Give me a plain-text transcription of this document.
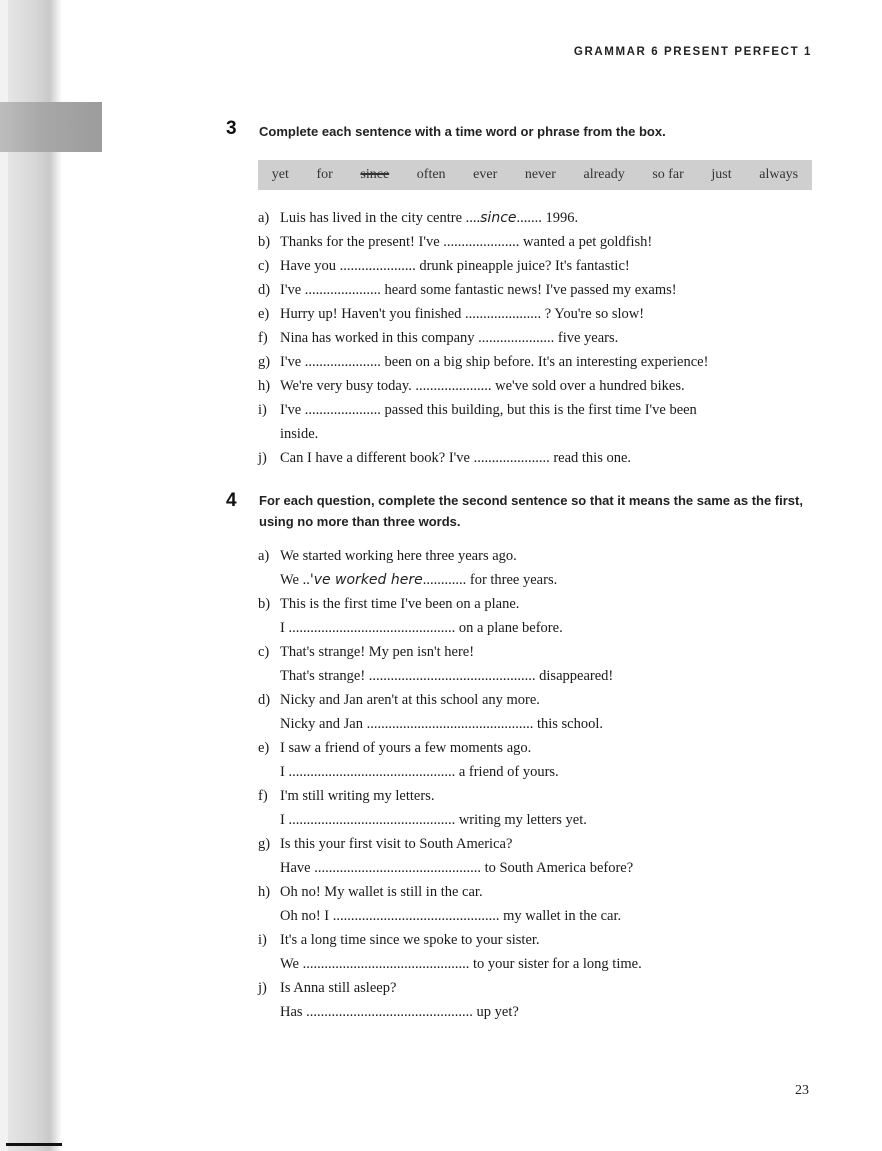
GRAMMAR 6 PRESENT PERFECT 1
3 Complete each sentence with a time word or phrase from the box.
yet for since often ever never already so far just always
a) Luis has lived in the city centre ....since....... 1996.
b) Thanks for the present! I've ..................... wanted a pet goldfish!
c) Have you ..................... drunk pineapple juice? It's fantastic!
d) I've ..................... heard some fantastic news! I've passed my exams!
e) Hurry up! Haven't you finished ..................... ? You're so slow!
f) Nina has worked in this company ..................... five years.
g) I've ..................... been on a big ship before. It's an interesting experience!
h) We're very busy today. ..................... we've sold over a hundred bikes.
i) I've ..................... passed this building, but this is the first time I've been
inside.
j) Can I have a different book? I've ..................... read this one.
4 For each question, complete the second sentence so that it means the same as the first, using no more than three words.
a) We started working here three years ago.
We ..'ve worked here............ for three years.
b) This is the first time I've been on a plane.
I .............................................. on a plane before.
c) That's strange! My pen isn't here!
That's strange! .............................................. disappeared!
d) Nicky and Jan aren't at this school any more.
Nicky and Jan .............................................. this school.
e) I saw a friend of yours a few moments ago.
I .............................................. a friend of yours.
f) I'm still writing my letters.
I .............................................. writing my letters yet.
g) Is this your first visit to South America?
Have .............................................. to South America before?
h) Oh no! My wallet is still in the car.
Oh no! I .............................................. my wallet in the car.
i) It's a long time since we spoke to your sister.
We .............................................. to your sister for a long time.
j) Is Anna still asleep?
Has .............................................. up yet?
23
